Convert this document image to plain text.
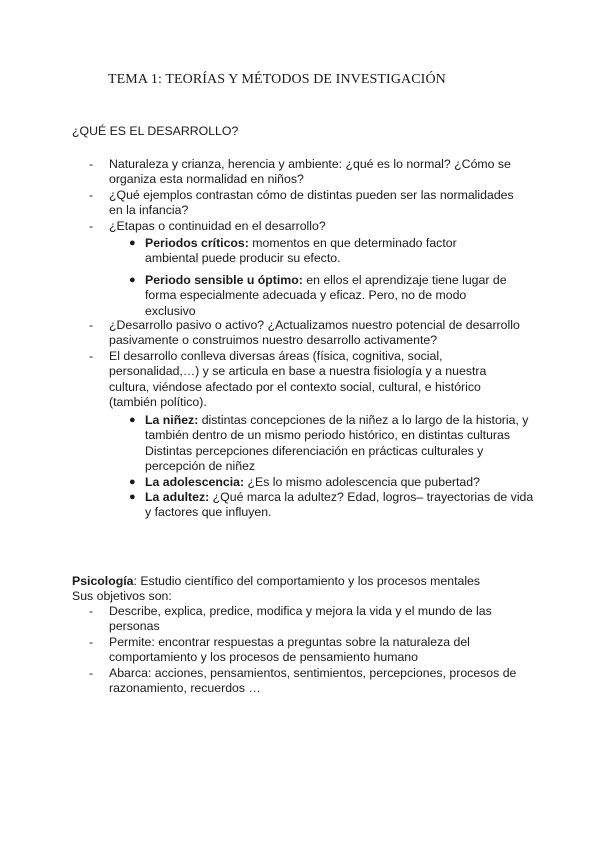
TEMA 1: TEORÍAS Y MÉTODOS DE INVESTIGACIÓN
¿QUÉ ES EL DESARROLLO?

- Naturaleza y crianza, herencia y ambiente: ¿qué es lo normal? ¿Cómo se organiza esta normalidad en niños?

- ¿Qué ejemplos contrastan cómo de distintas pueden ser las normalidades en la infancia?

- ¿Etapas o continuidad en el desarrollo?

● Periodos críticos: momentos en que determinado factor ambiental puede producir su efecto.
● Periodo sensible u óptimo: en ellos el aprendizaje tiene lugar de forma especialmente adecuada y eficaz. Pero, no de modo exclusivo

- ¿Desarrollo pasivo o activo? ¿Actualizamos nuestro potencial de desarrollo pasivamente o construimos nuestro desarrollo activamente?

- El desarrollo conlleva diversas áreas (física, cognitiva, social, personalidad,…) y se articula en base a nuestra fisiología y a nuestra cultura, viéndose afectado por el contexto social, cultural, e histórico (también político).

● La niñez: distintas concepciones de la niñez a lo largo de la historia, y también dentro de un mismo periodo histórico, en distintas culturas Distintas percepciones diferenciación en prácticas culturales y percepción de niñez
● La adolescencia: ¿Es lo mismo adolescencia que pubertad?
● La adultez: ¿Qué marca la adultez? Edad, logros– trayectorias de vida y factores que influyen.
Psicología: Estudio científico del comportamiento y los procesos mentales
Sus objetivos son:

- Describe, explica, predice, modifica y mejora la vida y el mundo de las personas

- Permite: encontrar respuestas a preguntas sobre la naturaleza del comportamiento y los procesos de pensamiento humano

- Abarca: acciones, pensamientos, sentimientos, percepciones, procesos de razonamiento, recuerdos …
